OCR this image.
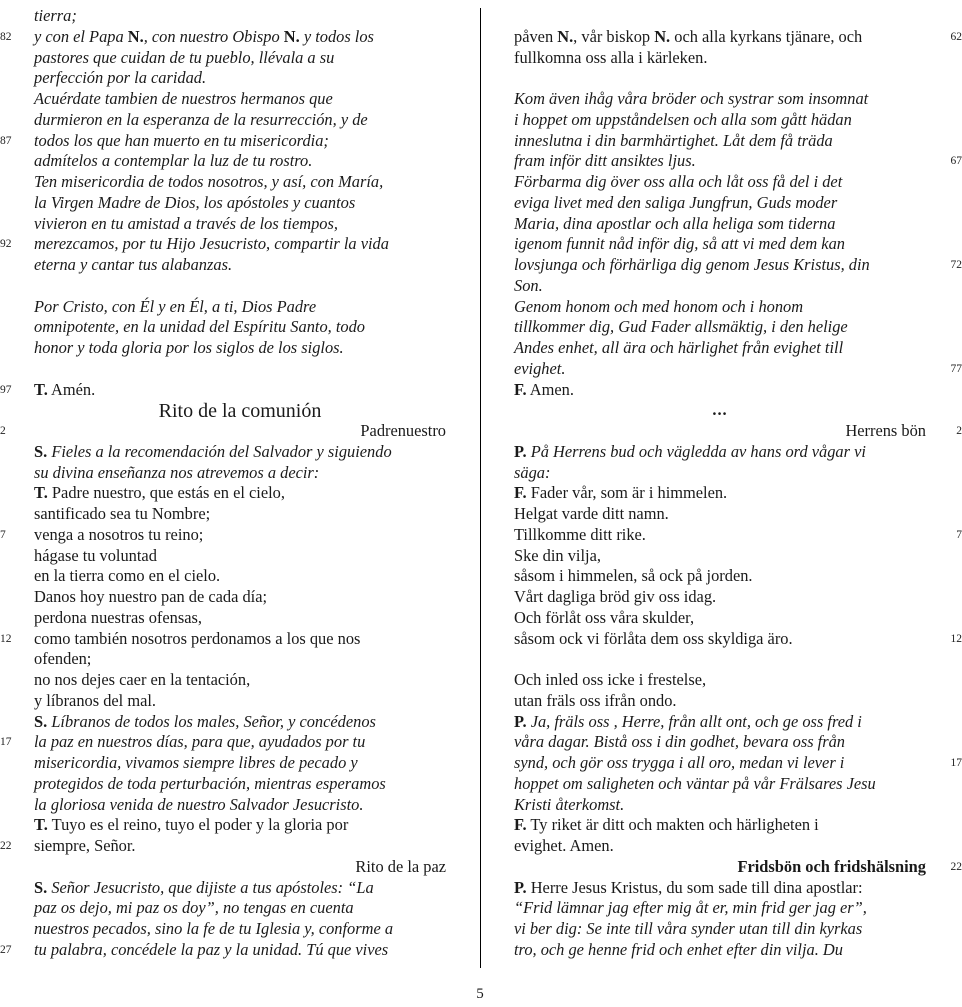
tierra;
y con el Papa N., con nuestro Obispo N. y todos los
82
pastores que cuidan de tu pueblo, llévala a su
perfección por la caridad.
Acuérdate tambien de nuestros hermanos que
durmieron en la esperanza de la resurrección, y de
todos los que han muerto en tu misericordia;
87
admítelos a contemplar la luz de tu rostro.
Ten misericordia de todos nosotros, y así, con María,
la Virgen Madre de Dios, los apóstoles y cuantos
vivieron en tu amistad a través de los tiempos,
merezcamos, por tu Hijo Jesucristo, compartir la vida
92
eterna y cantar tus alabanzas.
Por Cristo, con Él y en Él, a ti, Dios Padre
omnipotente, en la unidad del Espíritu Santo, todo
honor y toda gloria por los siglos de los siglos.
T. Amén.
97
Rito de la comunión
Padrenuestro
2
S. Fieles a la recomendación del Salvador y siguiendo
su divina enseñanza nos atrevemos a decir:
T. Padre nuestro, que estás en el cielo,
santificado sea tu Nombre;
venga a nosotros tu reino;
7
hágase tu voluntad
en la tierra como en el cielo.
Danos hoy nuestro pan de cada día;
perdona nuestras ofensas,
como también nosotros perdonamos a los que nos
12
ofenden;
no nos dejes caer en la tentación,
y líbranos del mal.
S. Líbranos de todos los males, Señor, y concédenos
la paz en nuestros días, para que, ayudados por tu
17
misericordia, vivamos siempre libres de pecado y
protegidos de toda perturbación, mientras esperamos
la gloriosa venida de nuestro Salvador Jesucristo.
T. Tuyo es el reino, tuyo el poder y la gloria por
siempre, Señor.
22
Rito de la paz
S. Señor Jesucristo, que dijiste a tus apóstoles: “La
paz os dejo, mi paz os doy”, no tengas en cuenta
nuestros pecados, sino la fe de tu Iglesia y, conforme a
tu palabra, concédele la paz y la unidad. Tú que vives
27
påven N., vår biskop N. och alla kyrkans tjänare, och	62
fullkomna oss alla i kärleken.
Kom även ihåg våra bröder och systrar som insomnat
i hoppet om uppståndelsen och alla som gått hädan
inneslutna i din barmhärtighet. Låt dem få träda
fram inför ditt ansiktes ljus.	67
Förbarma dig över oss alla och låt oss få del i det
eviga livet med den saliga Jungfrun, Guds moder
Maria, dina apostlar och alla heliga som tiderna
igenom funnit nåd inför dig, så att vi med dem kan
lovsjunga och förhärliga dig genom Jesus Kristus, din	72
Son.
Genom honom och med honom och i honom
tillkommer dig, Gud Fader allsmäktig, i den helige
Andes enhet, all ära och härlighet från evighet till
evighet.	77
F. Amen.
...
Herrens bön	2
P. På Herrens bud och vägledda av hans ord vågar vi
säga:
F. Fader vår, som är i himmelen.
Helgat varde ditt namn.
Tillkomme ditt rike.	7
Ske din vilja,
såsom i himmelen, så ock på jorden.
Vårt dagliga bröd giv oss idag.
Och förlåt oss våra skulder,
såsom ock vi förlåta dem oss skyldiga äro.	12
Och inled oss icke i frestelse,
utan fräls oss ifrån ondo.
P. Ja, fräls oss , Herre, från allt ont, och ge oss fred i
våra dagar. Bistå oss i din godhet, bevara oss från
synd, och gör oss trygga i all oro, medan vi lever i	17
hoppet om saligheten och väntar på vår Frälsares Jesu
Kristi återkomst.
F. Ty riket är ditt och makten och härligheten i
evighet. Amen.
Fridsbön och fridshälsning	22
P. Herre Jesus Kristus, du som sade till dina apostlar:
“Frid lämnar jag efter mig åt er, min frid ger jag er”,
vi ber dig: Se inte till våra synder utan till din kyrkas
tro, och ge henne frid och enhet efter din vilja. Du
5
